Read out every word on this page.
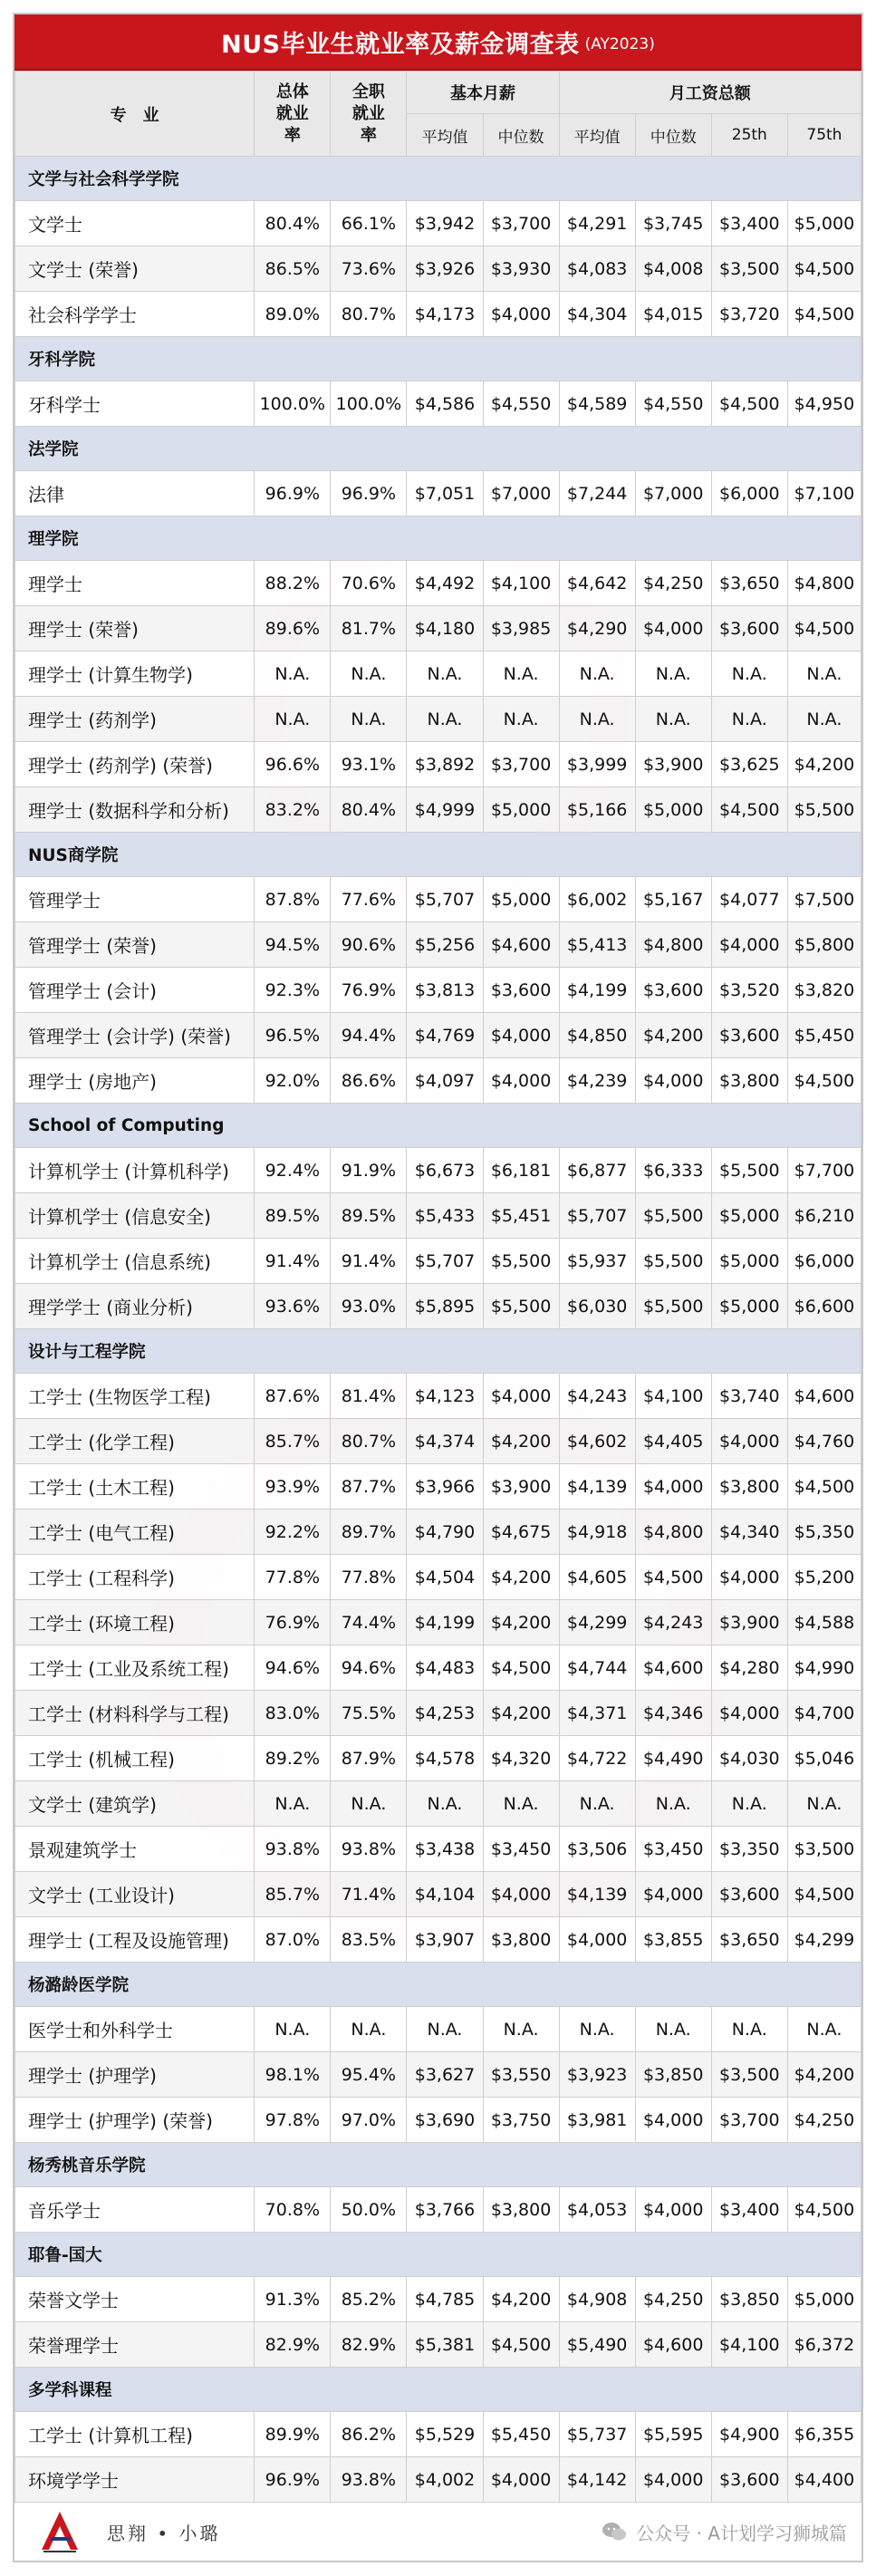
NUS毕业生就业率及薪金调查表 (AY2023)
专　业	总体就业率	全职就业率	基本月薪		月工资总额			
			平均值	中位数	平均值	中位数	25th	75th
文学与社会科学学院								
文学士	80.4%	66.1%	$3,942	$3,700	$4,291	$3,745	$3,400	$5,000
文学士 (荣誉)	86.5%	73.6%	$3,926	$3,930	$4,083	$4,008	$3,500	$4,500
社会科学学士	89.0%	80.7%	$4,173	$4,000	$4,304	$4,015	$3,720	$4,500
牙科学院								
牙科学士	100.0%	100.0%	$4,586	$4,550	$4,589	$4,550	$4,500	$4,950
法学院								
法律	96.9%	96.9%	$7,051	$7,000	$7,244	$7,000	$6,000	$7,100
理学院								
理学士	88.2%	70.6%	$4,492	$4,100	$4,642	$4,250	$3,650	$4,800
理学士 (荣誉)	89.6%	81.7%	$4,180	$3,985	$4,290	$4,000	$3,600	$4,500
理学士 (计算生物学)	N.A.	N.A.	N.A.	N.A.	N.A.	N.A.	N.A.	N.A.
理学士 (药剂学)	N.A.	N.A.	N.A.	N.A.	N.A.	N.A.	N.A.	N.A.
理学士 (药剂学) (荣誉)	96.6%	93.1%	$3,892	$3,700	$3,999	$3,900	$3,625	$4,200
理学士 (数据科学和分析)	83.2%	80.4%	$4,999	$5,000	$5,166	$5,000	$4,500	$5,500
NUS商学院								
管理学士	87.8%	77.6%	$5,707	$5,000	$6,002	$5,167	$4,077	$7,500
管理学士 (荣誉)	94.5%	90.6%	$5,256	$4,600	$5,413	$4,800	$4,000	$5,800
管理学士 (会计)	92.3%	76.9%	$3,813	$3,600	$4,199	$3,600	$3,520	$3,820
管理学士 (会计学) (荣誉)	96.5%	94.4%	$4,769	$4,000	$4,850	$4,200	$3,600	$5,450
理学士 (房地产)	92.0%	86.6%	$4,097	$4,000	$4,239	$4,000	$3,800	$4,500
School of Computing								
计算机学士 (计算机科学)	92.4%	91.9%	$6,673	$6,181	$6,877	$6,333	$5,500	$7,700
计算机学士 (信息安全)	89.5%	89.5%	$5,433	$5,451	$5,707	$5,500	$5,000	$6,210
计算机学士 (信息系统)	91.4%	91.4%	$5,707	$5,500	$5,937	$5,500	$5,000	$6,000
理学学士 (商业分析)	93.6%	93.0%	$5,895	$5,500	$6,030	$5,500	$5,000	$6,600
设计与工程学院								
工学士 (生物医学工程)	87.6%	81.4%	$4,123	$4,000	$4,243	$4,100	$3,740	$4,600
工学士 (化学工程)	85.7%	80.7%	$4,374	$4,200	$4,602	$4,405	$4,000	$4,760
工学士 (土木工程)	93.9%	87.7%	$3,966	$3,900	$4,139	$4,000	$3,800	$4,500
工学士 (电气工程)	92.2%	89.7%	$4,790	$4,675	$4,918	$4,800	$4,340	$5,350
工学士 (工程科学)	77.8%	77.8%	$4,504	$4,200	$4,605	$4,500	$4,000	$5,200
工学士 (环境工程)	76.9%	74.4%	$4,199	$4,200	$4,299	$4,243	$3,900	$4,588
工学士 (工业及系统工程)	94.6%	94.6%	$4,483	$4,500	$4,744	$4,600	$4,280	$4,990
工学士 (材料科学与工程)	83.0%	75.5%	$4,253	$4,200	$4,371	$4,346	$4,000	$4,700
工学士 (机械工程)	89.2%	87.9%	$4,578	$4,320	$4,722	$4,490	$4,030	$5,046
文学士 (建筑学)	N.A.	N.A.	N.A.	N.A.	N.A.	N.A.	N.A.	N.A.
景观建筑学士	93.8%	93.8%	$3,438	$3,450	$3,506	$3,450	$3,350	$3,500
文学士 (工业设计)	85.7%	71.4%	$4,104	$4,000	$4,139	$4,000	$3,600	$4,500
理学士 (工程及设施管理)	87.0%	83.5%	$3,907	$3,800	$4,000	$3,855	$3,650	$4,299
杨潞龄医学院								
医学士和外科学士	N.A.	N.A.	N.A.	N.A.	N.A.	N.A.	N.A.	N.A.
理学士 (护理学)	98.1%	95.4%	$3,627	$3,550	$3,923	$3,850	$3,500	$4,200
理学士 (护理学) (荣誉)	97.8%	97.0%	$3,690	$3,750	$3,981	$4,000	$3,700	$4,250
杨秀桃音乐学院								
音乐学士	70.8%	50.0%	$3,766	$3,800	$4,053	$4,000	$3,400	$4,500
耶鲁-国大								
荣誉文学士	91.3%	85.2%	$4,785	$4,200	$4,908	$4,250	$3,850	$5,000
荣誉理学士	82.9%	82.9%	$5,381	$4,500	$5,490	$4,600	$4,100	$6,372
多学科课程								
工学士 (计算机工程)	89.9%	86.2%	$5,529	$5,450	$5,737	$5,595	$4,900	$6,355
环境学学士	96.9%	93.8%	$4,002	$4,000	$4,142	$4,000	$3,600	$4,400
思翔 • 小璐	公众号 · A计划学习狮城篇
